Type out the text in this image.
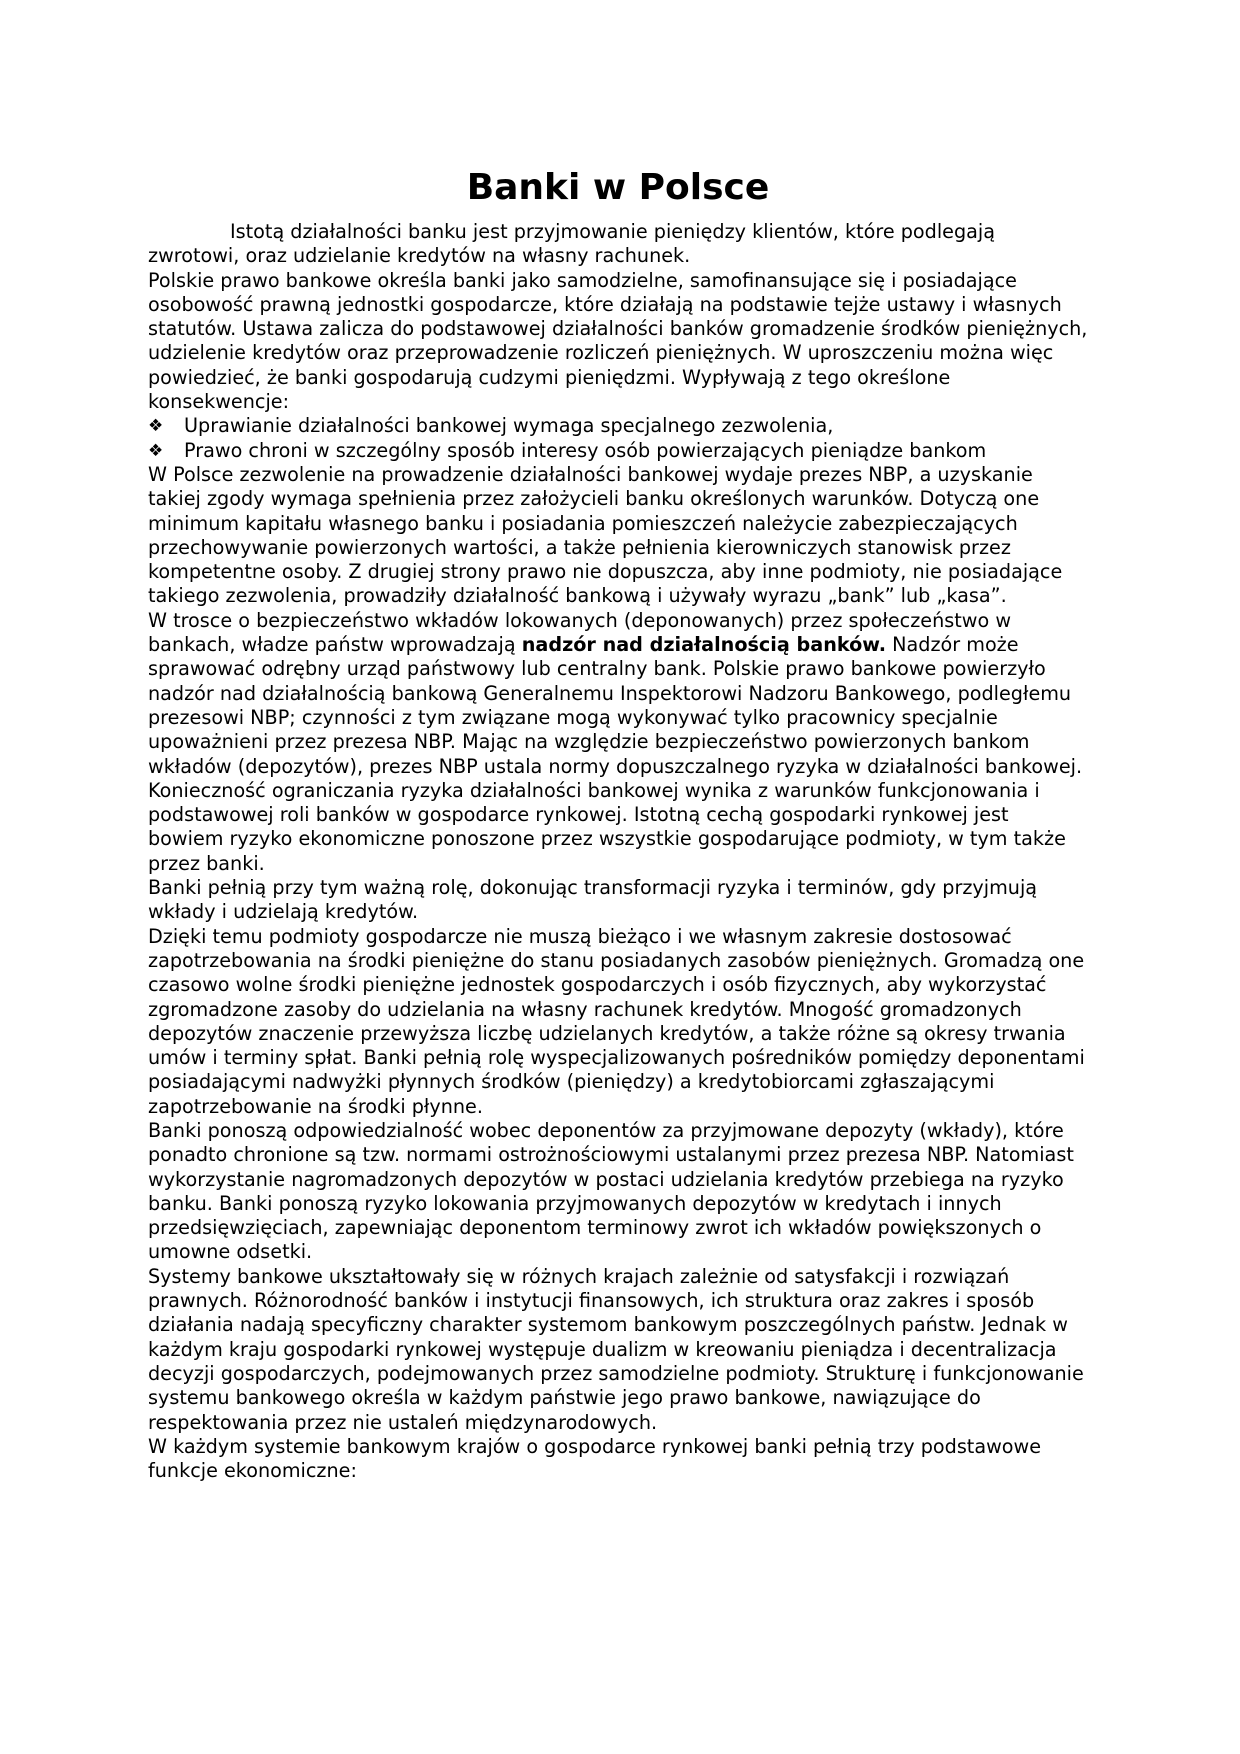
Banki w Polsce

Istotą działalności banku jest przyjmowanie pieniędzy klientów, które podlegają zwrotowi, oraz udzielanie kredytów na własny rachunek.

Polskie prawo bankowe określa banki jako samodzielne, samofinansujące się i posiadające osobowość prawną jednostki gospodarcze, które działają na podstawie tejże ustawy i własnych statutów. Ustawa zalicza do podstawowej działalności banków gromadzenie środków pieniężnych, udzielenie kredytów oraz przeprowadzenie rozliczeń pieniężnych. W uproszczeniu można więc powiedzieć, że banki gospodarują cudzymi pieniędzmi. Wypływają z tego określone konsekwencje:

❖	Uprawianie działalności bankowej wymaga specjalnego zezwolenia,
❖	Prawo chroni w szczególny sposób interesy osób powierzających pieniądze bankom

W Polsce zezwolenie na prowadzenie działalności bankowej wydaje prezes NBP, a uzyskanie takiej zgody wymaga spełnienia przez założycieli banku określonych warunków. Dotyczą one minimum kapitału własnego banku i posiadania pomieszczeń należycie zabezpieczających przechowywanie powierzonych wartości, a także pełnienia kierowniczych stanowisk przez kompetentne osoby. Z drugiej strony prawo nie dopuszcza, aby inne podmioty, nie posiadające takiego zezwolenia, prowadziły działalność bankową i używały wyrazu „bank” lub „kasa”.

W trosce o bezpieczeństwo wkładów lokowanych (deponowanych) przez społeczeństwo w bankach, władze państw wprowadzają nadzór nad działalnością banków. Nadzór może sprawować odrębny urząd państwowy lub centralny bank. Polskie prawo bankowe powierzyło nadzór nad działalnością bankową Generalnemu Inspektorowi Nadzoru Bankowego, podległemu prezesowi NBP; czynności z tym związane mogą wykonywać tylko pracownicy specjalnie upoważnieni przez prezesa NBP. Mając na względzie bezpieczeństwo powierzonych bankom wkładów (depozytów), prezes NBP ustala normy dopuszczalnego ryzyka w działalności bankowej.

Konieczność ograniczania ryzyka działalności bankowej wynika z warunków funkcjonowania i podstawowej roli banków w gospodarce rynkowej. Istotną cechą gospodarki rynkowej jest bowiem ryzyko ekonomiczne ponoszone przez wszystkie gospodarujące podmioty, w tym także przez banki.

Banki pełnią przy tym ważną rolę, dokonując transformacji ryzyka i terminów, gdy przyjmują wkłady i udzielają kredytów.

Dzięki temu podmioty gospodarcze nie muszą bieżąco i we własnym zakresie dostosować zapotrzebowania na środki pieniężne do stanu posiadanych zasobów pieniężnych. Gromadzą one czasowo wolne środki pieniężne jednostek gospodarczych i osób fizycznych, aby wykorzystać zgromadzone zasoby do udzielania na własny rachunek kredytów. Mnogość gromadzonych depozytów znaczenie przewyższa liczbę udzielanych kredytów, a także różne są okresy trwania umów i terminy spłat. Banki pełnią rolę wyspecjalizowanych pośredników pomiędzy deponentami posiadającymi nadwyżki płynnych środków (pieniędzy) a kredytobiorcami zgłaszającymi zapotrzebowanie na środki płynne.

Banki ponoszą odpowiedzialność wobec deponentów za przyjmowane depozyty (wkłady), które ponadto chronione są tzw. normami ostrożnościowymi ustalanymi przez prezesa NBP. Natomiast wykorzystanie nagromadzonych depozytów w postaci udzielania kredytów przebiega na ryzyko banku. Banki ponoszą ryzyko lokowania przyjmowanych depozytów w kredytach i innych przedsięwzięciach, zapewniając deponentom terminowy zwrot ich wkładów powiększonych o umowne odsetki.

Systemy bankowe ukształtowały się w różnych krajach zależnie od satysfakcji i rozwiązań prawnych. Różnorodność banków i instytucji finansowych, ich struktura oraz zakres i sposób działania nadają specyficzny charakter systemom bankowym poszczególnych państw. Jednak w każdym kraju gospodarki rynkowej występuje dualizm w kreowaniu pieniądza i decentralizacja decyzji gospodarczych, podejmowanych przez samodzielne podmioty. Strukturę i funkcjonowanie systemu bankowego określa w każdym państwie jego prawo bankowe, nawiązujące do respektowania przez nie ustaleń międzynarodowych.

W każdym systemie bankowym krajów o gospodarce rynkowej banki pełnią trzy podstawowe funkcje ekonomiczne:
